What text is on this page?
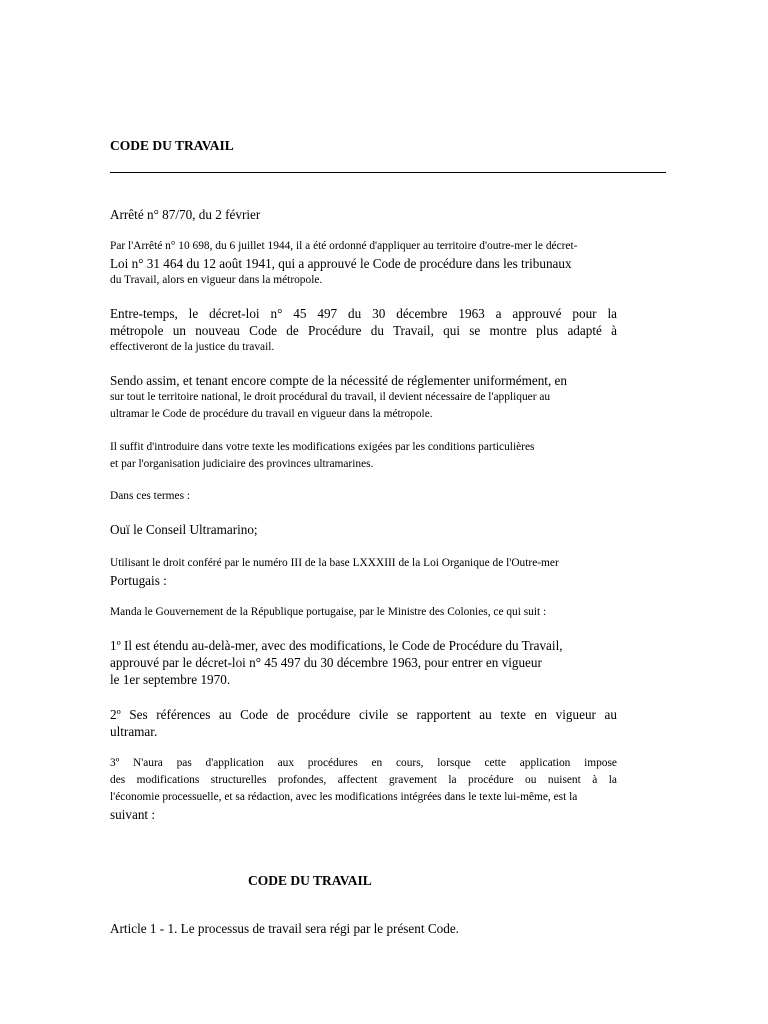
CODE DU TRAVAIL
Arrêté n° 87/70, du 2 février
Par l'Arrêté n° 10 698, du 6 juillet 1944, il a été ordonné d'appliquer au territoire d'outre-mer le décret-
Loi n° 31 464 du 12 août 1941, qui a approuvé le Code de procédure dans les tribunaux
du Travail, alors en vigueur dans la métropole.
Entre-temps, le décret-loi n° 45 497 du 30 décembre 1963 a approuvé pour la
métropole un nouveau Code de Procédure du Travail, qui se montre plus adapté à
effectiveront de la justice du travail.
Sendo assim, et tenant encore compte de la nécessité de réglementer uniformément, en
sur tout le territoire national, le droit procédural du travail, il devient nécessaire de l'appliquer au
ultramar le Code de procédure du travail en vigueur dans la métropole.
Il suffit d'introduire dans votre texte les modifications exigées par les conditions particulières
et par l'organisation judiciaire des provinces ultramarines.
Dans ces termes :
Ouï le Conseil Ultramarino;
Utilisant le droit conféré par le numéro III de la base LXXXIII de la Loi Organique de l'Outre-mer
Portugais :
Manda le Gouvernement de la République portugaise, par le Ministre des Colonies, ce qui suit :
1º Il est étendu au-delà-mer, avec des modifications, le Code de Procédure du Travail,
approuvé par le décret-loi n° 45 497 du 30 décembre 1963, pour entrer en vigueur
le 1er septembre 1970.
2º Ses références au Code de procédure civile se rapportent au texte en vigueur au
ultramar.
3º N'aura pas d'application aux procédures en cours, lorsque cette application impose
des modifications structurelles profondes, affectent gravement la procédure ou nuisent à la
l'économie processuelle, et sa rédaction, avec les modifications intégrées dans le texte lui-même, est la
suivant :
CODE DU TRAVAIL
Article 1 - 1. Le processus de travail sera régi par le présent Code.
